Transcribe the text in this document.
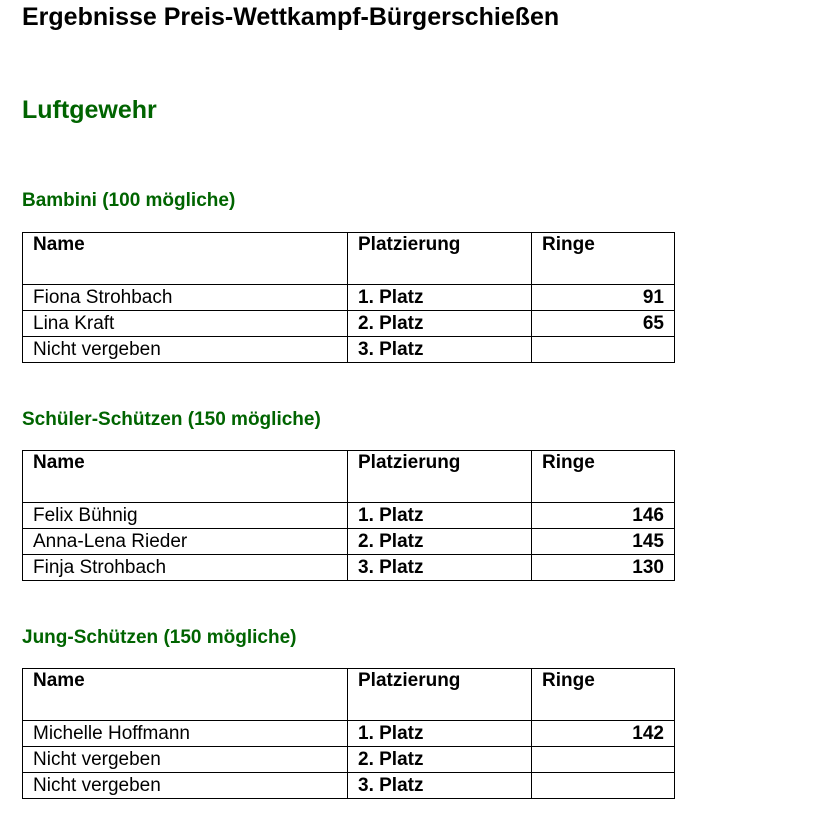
Ergebnisse Preis-Wettkampf-Bürgerschießen
Luftgewehr
Bambini (100 mögliche)
Name	Platzierung	Ringe
Fiona Strohbach	1. Platz	91
Lina Kraft	2. Platz	65
Nicht vergeben	3. Platz	
Schüler-Schützen (150 mögliche)
Name	Platzierung	Ringe
Felix Bühnig	1. Platz	146
Anna-Lena Rieder	2. Platz	145
Finja Strohbach	3. Platz	130
Jung-Schützen (150 mögliche)
Name	Platzierung	Ringe
Michelle Hoffmann	1. Platz	142
Nicht vergeben	2. Platz	
Nicht vergeben	3. Platz	
